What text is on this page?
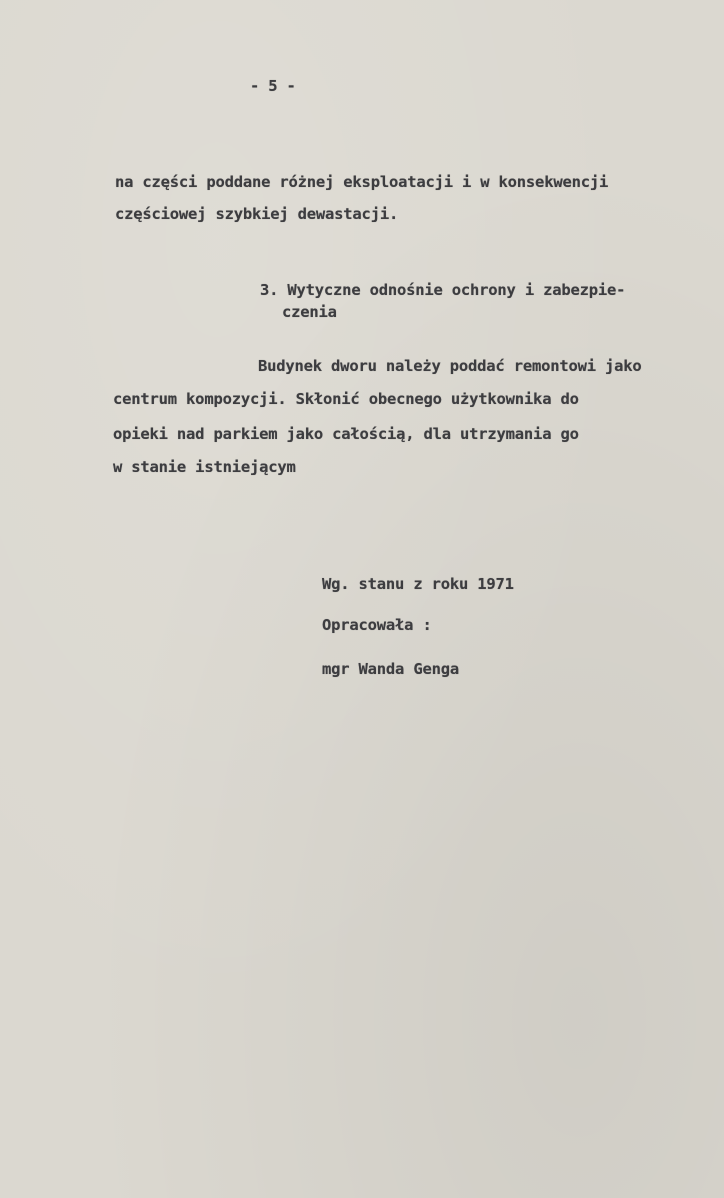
- 5 -
na części poddane różnej eksploatacji i w konsekwencji
częściowej szybkiej dewastacji.
3. Wytyczne odnośnie ochrony i zabezpie-
czenia
Budynek dworu należy poddać remontowi jako
centrum kompozycji. Skłonić obecnego użytkownika do
opieki nad parkiem jako całością, dla utrzymania go
w stanie istniejącym
Wg. stanu z roku 1971
Opracowała :
mgr Wanda Genga
